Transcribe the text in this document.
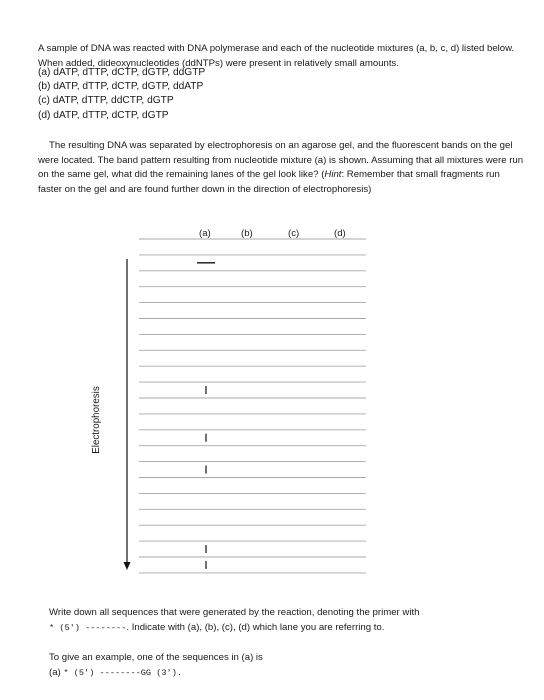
A sample of DNA was reacted with DNA polymerase and each of the nucleotide mixtures (a, b, c, d) listed below. When added, dideoxynucleotides (ddNTPs) were present in relatively small amounts.
(a) dATP, dTTP, dCTP, dGTP, ddGTP
(b) dATP, dTTP, dCTP, dGTP, ddATP
(c) dATP, dTTP, ddCTP, dGTP
(d) dATP, dTTP, dCTP, dGTP
The resulting DNA was separated by electrophoresis on an agarose gel, and the fluorescent bands on the gel were located. The band pattern resulting from nucleotide mixture (a) is shown. Assuming that all mixtures were run on the same gel, what did the remaining lanes of the gel look like? (Hint: Remember that small fragments run faster on the gel and are found further down in the direction of electrophoresis)
(a)	(b)	(c)	(d)
Electrophoresis
Write down all sequences that were generated by the reaction, denoting the primer with
* (5') --------. Indicate with (a), (b), (c), (d) which lane you are referring to.
To give an example, one of the sequences in (a) is
(a) * (5') --------GG (3').
